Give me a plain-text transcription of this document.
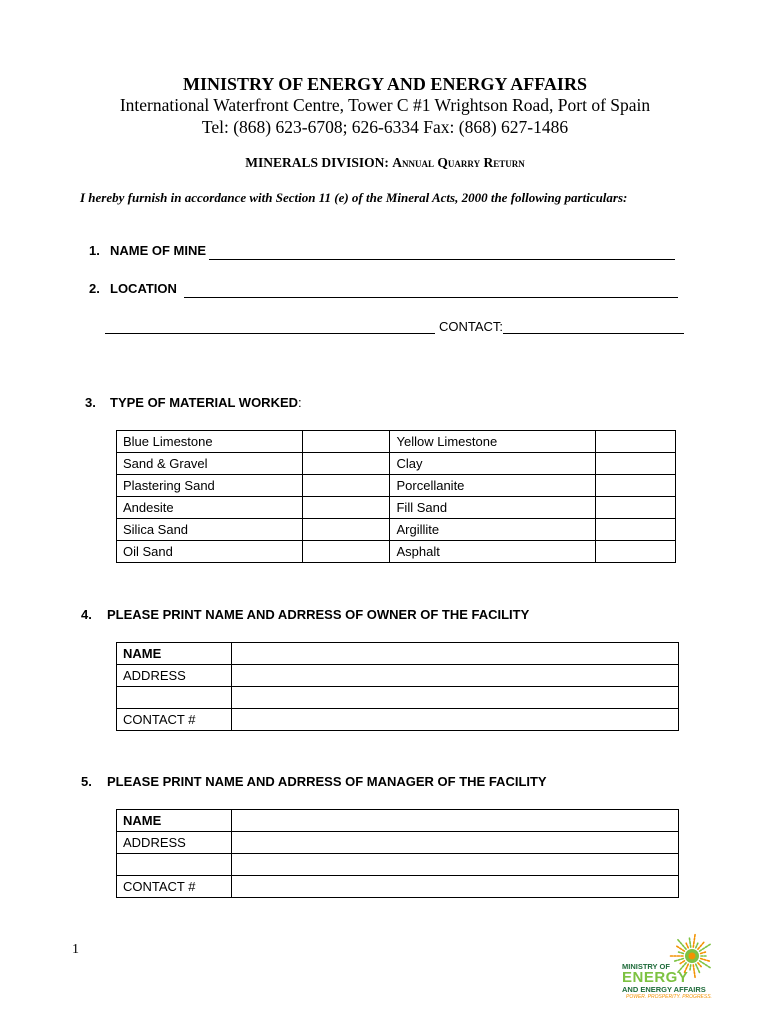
MINISTRY OF ENERGY AND ENERGY AFFAIRS
International Waterfront Centre, Tower C #1 Wrightson Road, Port of Spain
Tel: (868) 623-6708; 626-6334 Fax: (868) 627-1486
MINERALS DIVISION: Annual Quarry Return
I hereby furnish in accordance with Section 11 (e) of the Mineral Acts, 2000 the following particulars:
1. NAME OF MINE
2. LOCATION
CONTACT:
3. TYPE OF MATERIAL WORKED:
Blue Limestone		Yellow Limestone	
Sand & Gravel		Clay	
Plastering Sand		Porcellanite	
Andesite		Fill Sand	
Silica Sand		Argillite	
Oil Sand		Asphalt	
4. PLEASE PRINT NAME AND ADRRESS OF OWNER OF THE FACILITY
NAME	
ADDRESS	

CONTACT #	
5. PLEASE PRINT NAME AND ADRRESS OF MANAGER OF THE FACILITY
NAME	
ADDRESS	

CONTACT #	
1
MINISTRY OF
ENERGY
AND ENERGY AFFAIRS
POWER. PROSPERITY. PROGRESS.
